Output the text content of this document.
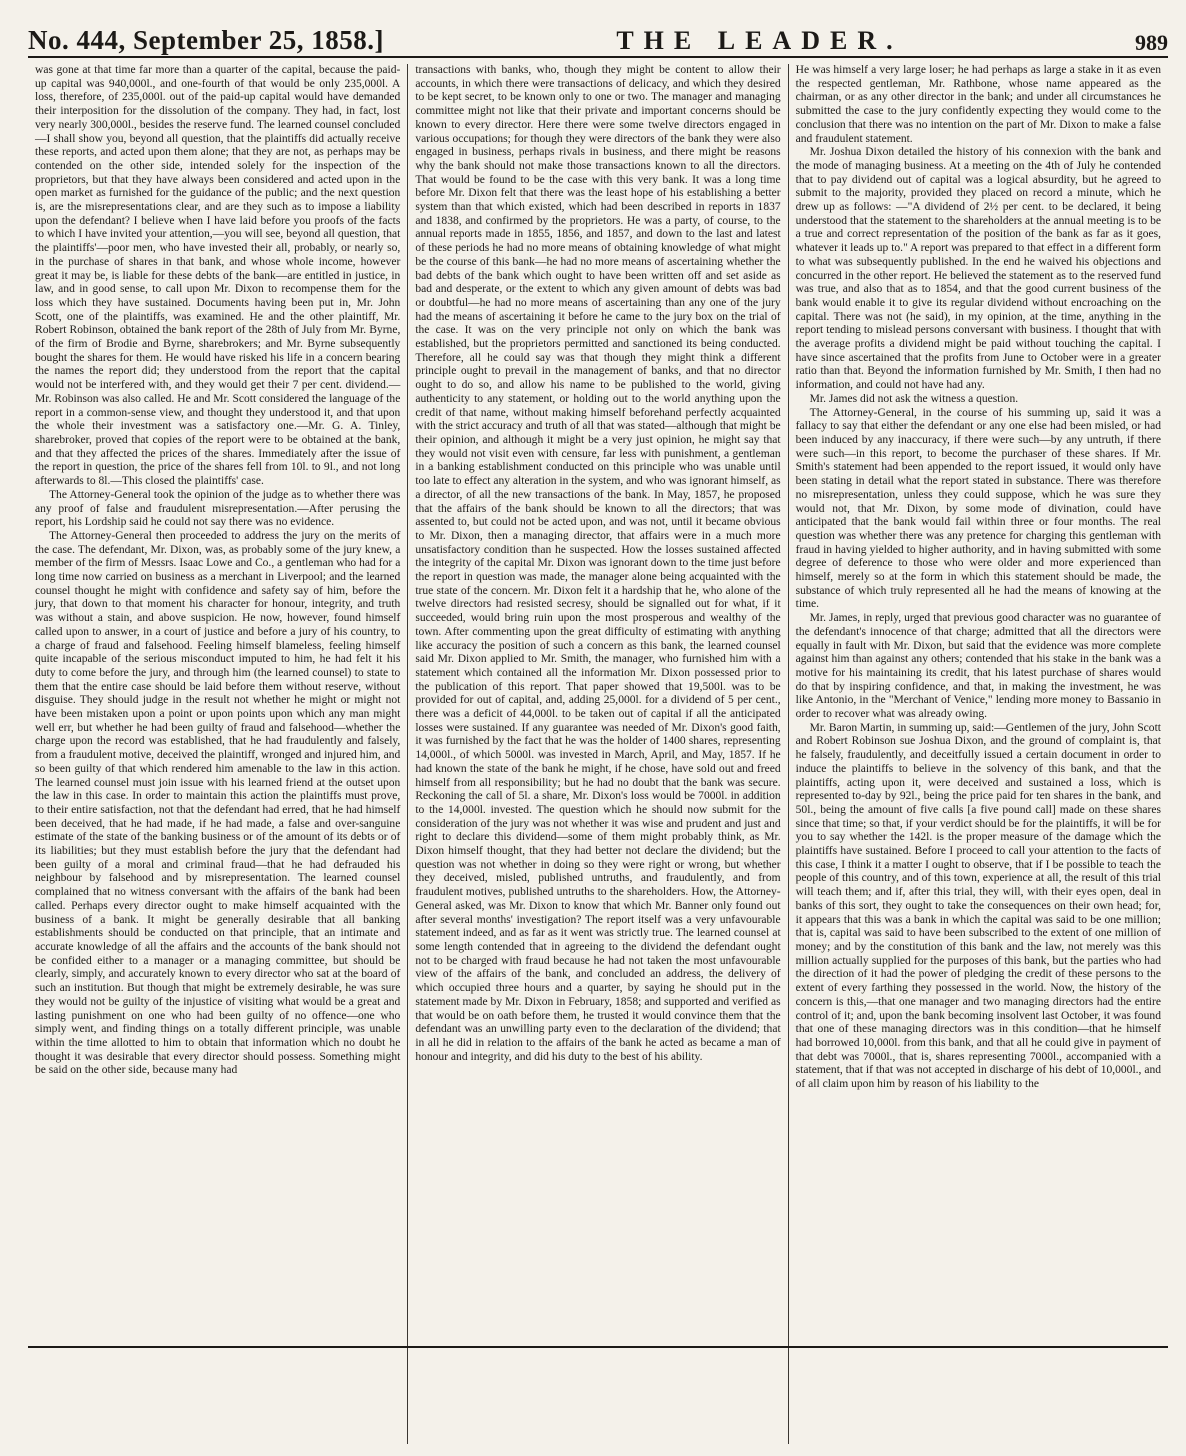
No. 444, September 25, 1858.]	THE LEADER.	989

was gone at that time far more than a quarter of the capital, because the paid-up capital was 940,000l., and one-fourth of that would be only 235,000l. A loss, therefore, of 235,000l. out of the paid-up capital would have demanded their interposition for the dissolution of the company. They had, in fact, lost very nearly 300,000l., besides the reserve fund. The learned counsel concluded—I shall show you, beyond all question, that the plaintiffs did actually receive these reports, and acted upon them alone; that they are not, as perhaps may be contended on the other side, intended solely for the inspection of the proprietors, but that they have always been considered and acted upon in the open market as furnished for the guidance of the public; and the next question is, are the misrepresentations clear, and are they such as to impose a liability upon the defendant? I believe when I have laid before you proofs of the facts to which I have invited your attention,—you will see, beyond all question, that the plaintiffs'—poor men, who have invested their all, probably, or nearly so, in the purchase of shares in that bank, and whose whole income, however great it may be, is liable for these debts of the bank—are entitled in justice, in law, and in good sense, to call upon Mr. Dixon to recompense them for the loss which they have sustained. Documents having been put in, Mr. John Scott, one of the plaintiffs, was examined. He and the other plaintiff, Mr. Robert Robinson, obtained the bank report of the 28th of July from Mr. Byrne, of the firm of Brodie and Byrne, sharebrokers; and Mr. Byrne subsequently bought the shares for them. He would have risked his life in a concern bearing the names the report did; they understood from the report that the capital would not be interfered with, and they would get their 7 per cent. dividend.—Mr. Robinson was also called. He and Mr. Scott considered the language of the report in a common-sense view, and thought they understood it, and that upon the whole their investment was a satisfactory one.—Mr. G. A. Tinley, sharebroker, proved that copies of the report were to be obtained at the bank, and that they affected the prices of the shares. Immediately after the issue of the report in question, the price of the shares fell from 10l. to 9l., and not long afterwards to 8l.—This closed the plaintiffs' case.

The Attorney-General took the opinion of the judge as to whether there was any proof of false and fraudulent misrepresentation.—After perusing the report, his Lordship said he could not say there was no evidence.

The Attorney-General then proceeded to address the jury on the merits of the case. The defendant, Mr. Dixon, was, as probably some of the jury knew, a member of the firm of Messrs. Isaac Lowe and Co., a gentleman who had for a long time now carried on business as a merchant in Liverpool; and the learned counsel thought he might with confidence and safety say of him, before the jury, that down to that moment his character for honour, integrity, and truth was without a stain, and above suspicion. He now, however, found himself called upon to answer, in a court of justice and before a jury of his country, to a charge of fraud and falsehood. Feeling himself blameless, feeling himself quite incapable of the serious misconduct imputed to him, he had felt it his duty to come before the jury, and through him (the learned counsel) to state to them that the entire case should be laid before them without reserve, without disguise. They should judge in the result not whether he might or might not have been mistaken upon a point or upon points upon which any man might well err, but whether he had been guilty of fraud and falsehood—whether the charge upon the record was established, that he had fraudulently and falsely, from a fraudulent motive, deceived the plaintiff, wronged and injured him, and so been guilty of that which rendered him amenable to the law in this action. The learned counsel must join issue with his learned friend at the outset upon the law in this case. In order to maintain this action the plaintiffs must prove, to their entire satisfaction, not that the defendant had erred, that he had himself been deceived, that he had made, if he had made, a false and over-sanguine estimate of the state of the banking business or of the amount of its debts or of its liabilities; but they must establish before the jury that the defendant had been guilty of a moral and criminal fraud—that he had defrauded his neighbour by falsehood and by misrepresentation. The learned counsel complained that no witness conversant with the affairs of the bank had been called. Perhaps every director ought to make himself acquainted with the business of a bank. It might be generally desirable that all banking establishments should be conducted on that principle, that an intimate and accurate knowledge of all the affairs and the accounts of the bank should not be confided either to a manager or a managing committee, but should be clearly, simply, and accurately known to every director who sat at the board of such an institution. But though that might be extremely desirable, he was sure they would not be guilty of the injustice of visiting what would be a great and lasting punishment on one who had been guilty of no offence—one who simply went, and finding things on a totally different principle, was unable within the time allotted to him to obtain that information which no doubt he thought it was desirable that every director should possess. Something might be said on the other side, because many had

transactions with banks, who, though they might be content to allow their accounts, in which there were transactions of delicacy, and which they desired to be kept secret, to be known only to one or two. The manager and managing committee might not like that their private and important concerns should be known to every director. Here there were some twelve directors engaged in various occupations; for though they were directors of the bank they were also engaged in business, perhaps rivals in business, and there might be reasons why the bank should not make those transactions known to all the directors. That would be found to be the case with this very bank. It was a long time before Mr. Dixon felt that there was the least hope of his establishing a better system than that which existed, which had been described in reports in 1837 and 1838, and confirmed by the proprietors. He was a party, of course, to the annual reports made in 1855, 1856, and 1857, and down to the last and latest of these periods he had no more means of obtaining knowledge of what might be the course of this bank—he had no more means of ascertaining whether the bad debts of the bank which ought to have been written off and set aside as bad and desperate, or the extent to which any given amount of debts was bad or doubtful—he had no more means of ascertaining than any one of the jury had the means of ascertaining it before he came to the jury box on the trial of the case. It was on the very principle not only on which the bank was established, but the proprietors permitted and sanctioned its being conducted. Therefore, all he could say was that though they might think a different principle ought to prevail in the management of banks, and that no director ought to do so, and allow his name to be published to the world, giving authenticity to any statement, or holding out to the world anything upon the credit of that name, without making himself beforehand perfectly acquainted with the strict accuracy and truth of all that was stated—although that might be their opinion, and although it might be a very just opinion, he might say that they would not visit even with censure, far less with punishment, a gentleman in a banking establishment conducted on this principle who was unable until too late to effect any alteration in the system, and who was ignorant himself, as a director, of all the new transactions of the bank. In May, 1857, he proposed that the affairs of the bank should be known to all the directors; that was assented to, but could not be acted upon, and was not, until it became obvious to Mr. Dixon, then a managing director, that affairs were in a much more unsatisfactory condition than he suspected. How the losses sustained affected the integrity of the capital Mr. Dixon was ignorant down to the time just before the report in question was made, the manager alone being acquainted with the true state of the concern. Mr. Dixon felt it a hardship that he, who alone of the twelve directors had resisted secresy, should be signalled out for what, if it succeeded, would bring ruin upon the most prosperous and wealthy of the town. After commenting upon the great difficulty of estimating with anything like accuracy the position of such a concern as this bank, the learned counsel said Mr. Dixon applied to Mr. Smith, the manager, who furnished him with a statement which contained all the information Mr. Dixon possessed prior to the publication of this report. That paper showed that 19,500l. was to be provided for out of capital, and, adding 25,000l. for a dividend of 5 per cent., there was a deficit of 44,000l. to be taken out of capital if all the anticipated losses were sustained. If any guarantee was needed of Mr. Dixon's good faith, it was furnished by the fact that he was the holder of 1400 shares, representing 14,000l., of which 5000l. was invested in March, April, and May, 1857. If he had known the state of the bank he might, if he chose, have sold out and freed himself from all responsibility; but he had no doubt that the bank was secure. Reckoning the call of 5l. a share, Mr. Dixon's loss would be 7000l. in addition to the 14,000l. invested. The question which he should now submit for the consideration of the jury was not whether it was wise and prudent and just and right to declare this dividend—some of them might probably think, as Mr. Dixon himself thought, that they had better not declare the dividend; but the question was not whether in doing so they were right or wrong, but whether they deceived, misled, published untruths, and fraudulently, and from fraudulent motives, published untruths to the shareholders. How, the Attorney-General asked, was Mr. Dixon to know that which Mr. Banner only found out after several months' investigation? The report itself was a very unfavourable statement indeed, and as far as it went was strictly true. The learned counsel at some length contended that in agreeing to the dividend the defendant ought not to be charged with fraud because he had not taken the most unfavourable view of the affairs of the bank, and concluded an address, the delivery of which occupied three hours and a quarter, by saying he should put in the statement made by Mr. Dixon in February, 1858; and supported and verified as that would be on oath before them, he trusted it would convince them that the defendant was an unwilling party even to the declaration of the dividend; that in all he did in relation to the affairs of the bank he acted as became a man of honour and integrity, and did his duty to the best of his ability.

He was himself a very large loser; he had perhaps as large a stake in it as even the respected gentleman, Mr. Rathbone, whose name appeared as the chairman, or as any other director in the bank; and under all circumstances he submitted the case to the jury confidently expecting they would come to the conclusion that there was no intention on the part of Mr. Dixon to make a false and fraudulent statement.

Mr. Joshua Dixon detailed the history of his connexion with the bank and the mode of managing business. At a meeting on the 4th of July he contended that to pay dividend out of capital was a logical absurdity, but he agreed to submit to the majority, provided they placed on record a minute, which he drew up as follows: —"A dividend of 2½ per cent. to be declared, it being understood that the statement to the shareholders at the annual meeting is to be a true and correct representation of the position of the bank as far as it goes, whatever it leads up to." A report was prepared to that effect in a different form to what was subsequently published. In the end he waived his objections and concurred in the other report. He believed the statement as to the reserved fund was true, and also that as to 1854, and that the good current business of the bank would enable it to give its regular dividend without encroaching on the capital. There was not (he said), in my opinion, at the time, anything in the report tending to mislead persons conversant with business. I thought that with the average profits a dividend might be paid without touching the capital. I have since ascertained that the profits from June to October were in a greater ratio than that. Beyond the information furnished by Mr. Smith, I then had no information, and could not have had any.

Mr. James did not ask the witness a question.

The Attorney-General, in the course of his summing up, said it was a fallacy to say that either the defendant or any one else had been misled, or had been induced by any inaccuracy, if there were such—by any untruth, if there were such—in this report, to become the purchaser of these shares. If Mr. Smith's statement had been appended to the report issued, it would only have been stating in detail what the report stated in substance. There was therefore no misrepresentation, unless they could suppose, which he was sure they would not, that Mr. Dixon, by some mode of divination, could have anticipated that the bank would fail within three or four months. The real question was whether there was any pretence for charging this gentleman with fraud in having yielded to higher authority, and in having submitted with some degree of deference to those who were older and more experienced than himself, merely so at the form in which this statement should be made, the substance of which truly represented all he had the means of knowing at the time.

Mr. James, in reply, urged that previous good character was no guarantee of the defendant's innocence of that charge; admitted that all the directors were equally in fault with Mr. Dixon, but said that the evidence was more complete against him than against any others; contended that his stake in the bank was a motive for his maintaining its credit, that his latest purchase of shares would do that by inspiring confidence, and that, in making the investment, he was like Antonio, in the "Merchant of Venice," lending more money to Bassanio in order to recover what was already owing.

Mr. Baron Martin, in summing up, said:—Gentlemen of the jury, John Scott and Robert Robinson sue Joshua Dixon, and the ground of complaint is, that he falsely, fraudulently, and deceitfully issued a certain document in order to induce the plaintiffs to believe in the solvency of this bank, and that the plaintiffs, acting upon it, were deceived and sustained a loss, which is represented to-day by 92l., being the price paid for ten shares in the bank, and 50l., being the amount of five calls [a five pound call] made on these shares since that time; so that, if your verdict should be for the plaintiffs, it will be for you to say whether the 142l. is the proper measure of the damage which the plaintiffs have sustained. Before I proceed to call your attention to the facts of this case, I think it a matter I ought to observe, that if I be possible to teach the people of this country, and of this town, experience at all, the result of this trial will teach them; and if, after this trial, they will, with their eyes open, deal in banks of this sort, they ought to take the consequences on their own head; for, it appears that this was a bank in which the capital was said to be one million; that is, capital was said to have been subscribed to the extent of one million of money; and by the constitution of this bank and the law, not merely was this million actually supplied for the purposes of this bank, but the parties who had the direction of it had the power of pledging the credit of these persons to the extent of every farthing they possessed in the world. Now, the history of the concern is this,—that one manager and two managing directors had the entire control of it; and, upon the bank becoming insolvent last October, it was found that one of these managing directors was in this condition—that he himself had borrowed 10,000l. from this bank, and that all he could give in payment of that debt was 7000l., that is, shares representing 7000l., accompanied with a statement, that if that was not accepted in discharge of his debt of 10,000l., and of all claim upon him by reason of his liability to the
